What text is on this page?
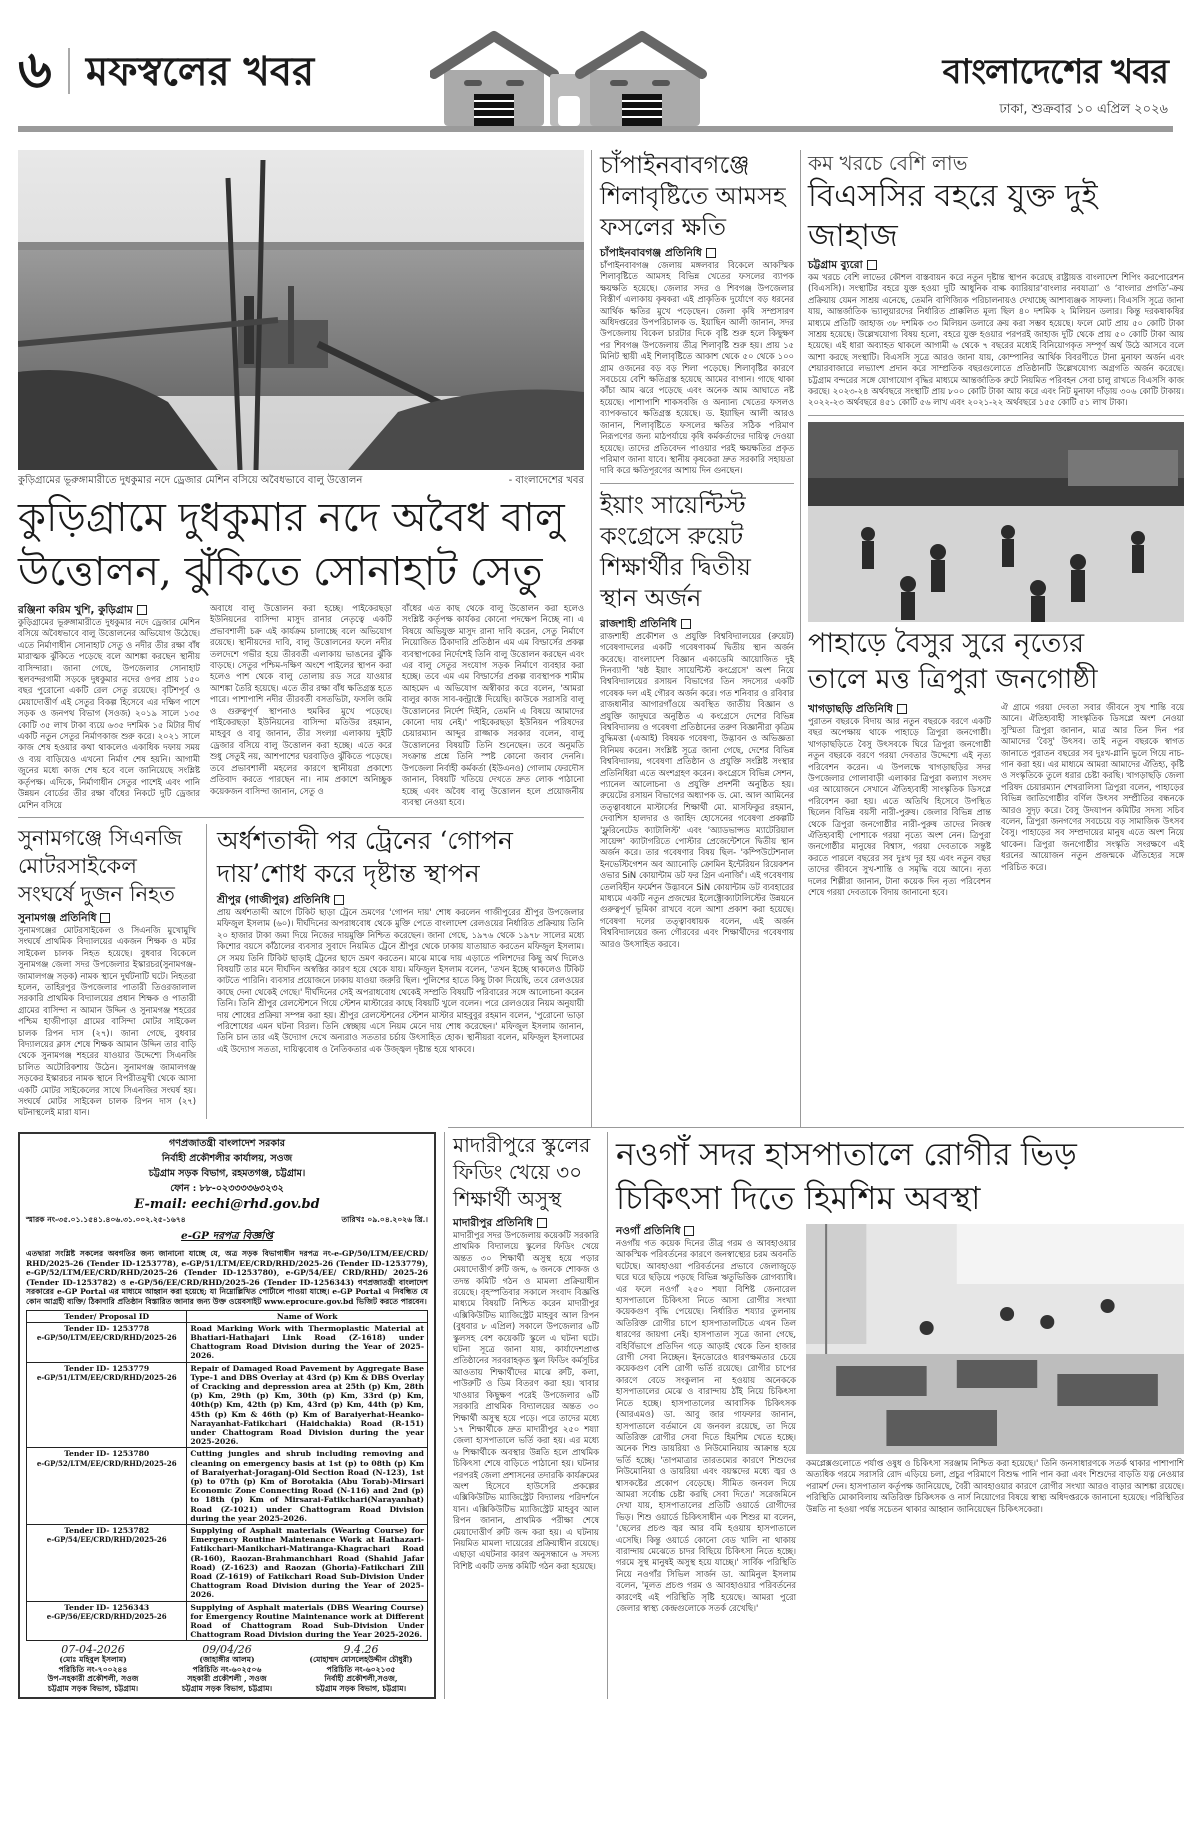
৬ মফস্বলের খবর	বাংলাদেশের খবর
ঢাকা, শুক্রবার ১০ এপ্রিল ২০২৬
কুড়িগ্রামের ভূরুঙ্গামারীতে দুধকুমার নদে ড্রেজার মেশিন বসিয়ে অবৈধভাবে বালু উত্তোলন	- বাংলাদেশের খবর
কুড়িগ্রামে দুধকুমার নদে অবৈধ বালু
উত্তোলন, ঝুঁকিতে সোনাহাট সেতু
রঞ্জিনা করিম খুশি, কুড়িগ্রাম
কুড়িগ্রামের ভূরুঙ্গামারীতে দুধকুমার নদে ড্রেজার মেশিন বসিয়ে অবৈধভাবে বালু উত্তোলনের অভিযোগ উঠেছে। এতে নির্মাণাধীন সোনাহাট সেতু ও নদীর তীর রক্ষা বাঁধ মারাত্মক ঝুঁকিতে পড়েছে বলে আশঙ্কা করছেন স্থানীয় বাসিন্দারা। জানা গেছে, উপজেলার সোনাহাট স্থলবন্দরগামী সড়কে দুধকুমার নদের ওপর প্রায় ১৫০ বছর পুরোনো একটি রেল সেতু রয়েছে। বৃটিশপূর্ব ও মেয়াদোত্তীর্ণ এই সেতুর বিকল্প হিসেবে এর দক্ষিণ পাশে সড়ক ও জনপথ বিভাগ (সওজ) ২০১৯ সালে ১৩৫ কোটি ৩৫ লাখ টাকা ব্যয়ে ৬৩৫ দশমিক ১৫ মিটার দীর্ঘ একটি নতুন সেতুর নির্মাণকাজ শুরু করে। ২০২১ সালে কাজ শেষ হওয়ার কথা থাকলেও একাধিক দফায় সময় ও ব্যয় বাড়িয়েও এখনো নির্মাণ শেষ হয়নি। আগামী জুনের মধ্যে কাজ শেষ হবে বলে জানিয়েছে সংশ্লিষ্ট কর্তৃপক্ষ। এদিকে, নির্মাণাধীন সেতুর পাশেই এবং পানি উন্নয়ন বোর্ডের তীর রক্ষা বাঁধের নিকটে দুটি ড্রেজার মেশিন বসিয়ে
অবাধে বালু উত্তোলন করা হচ্ছে। পাইকেরছড়া ইউনিয়নের বাসিন্দা মাসুদ রানার নেতৃত্বে একটি প্রভাবশালী চক্র এই কার্যক্রম চালাচ্ছে বলে অভিযোগ রয়েছে। স্থানীয়দের দাবি, বালু উত্তোলনের ফলে নদীর তলদেশে গভীর হয়ে তীরবর্তী এলাকায় ভাঙনের ঝুঁকি বাড়ছে। সেতুর পশ্চিম-দক্ষিণ অংশে পাইলের স্থাপন করা হলেও পাশ থেকে বালু তোলায় রড সরে যাওয়ার আশঙ্কা তৈরি হয়েছে। এতে তীর রক্ষা বাঁধ ক্ষতিগ্রস্ত হতে পারে। পাশাপাশি নদীর তীরবর্তী বসতভিটা, ফসলি জমি ও গুরুত্বপূর্ণ স্থাপনাও হুমকির মুখে পড়েছে। পাইকেরছড়া ইউনিয়নের বাসিন্দা মতিউর রহমান, মাহবুব ও বাবু জানান, তীর সংলগ্ন এলাকায় দুইটি ড্রেজার বসিয়ে বালু উত্তোলন করা হচ্ছে। এতে করে শুধু সেতুই নয়, আশপাশের ঘরবাড়িও ঝুঁকিতে পড়েছে। তবে প্রভাবশালী মহলের কারণে স্থানীয়রা প্রকাশ্যে প্রতিবাদ করতে পারছেন না। নাম প্রকাশে অনিচ্ছুক কয়েকজন বাসিন্দা জানান, সেতু ও
বাঁধের এত কাছ থেকে বালু উত্তোলন করা হলেও সংশ্লিষ্ট কর্তৃপক্ষ কার্যকর কোনো পদক্ষেপ নিচ্ছে না। এ বিষয়ে অভিযুক্ত মাসুদ রানা দাবি করেন, সেতু নির্মাণে নিয়োজিত ঠিকাদারি প্রতিষ্ঠান এম এম বিল্ডার্সের প্রকল্প ব্যবস্থাপকের নির্দেশেই তিনি বালু উত্তোলন করছেন এবং এর বালু সেতুর সংযোগ সড়ক নির্মাণে ব্যবহার করা হচ্ছে। তবে এম এম বিল্ডার্সের প্রকল্প ব্যবস্থাপক শামীম আহমেদ এ অভিযোগ অস্বীকার করে বলেন, 'আমরা বালুর কাজ সাব-কন্ট্রাক্টে দিয়েছি। কাউকে সরাসরি বালু উত্তোলনের নির্দেশ দিইনি, তেমনি এ বিষয়ে আমাদের কোনো দায় নেই।' পাইকেরছড়া ইউনিয়ন পরিষদের চেয়ারম্যান আব্দুর রাজ্জাক সরকার বলেন, বালু উত্তোলনের বিষয়টি তিনি শুনেছেন। তবে অনুমতি সংক্রান্ত প্রশ্নে তিনি স্পষ্ট কোনো জবাব দেননি। উপজেলা নির্বাহী কর্মকর্তা (ইউএনও) গোলাম ফেরদৌস জানান, বিষয়টি খতিয়ে দেখতে দ্রুত লোক পাঠানো হচ্ছে এবং অবৈধ বালু উত্তোলন হলে প্রয়োজনীয় ব্যবস্থা নেওয়া হবে।
সুনামগঞ্জে সিএনজি মোটরসাইকেল সংঘর্ষে দুজন নিহত
সুনামগঞ্জ প্রতিনিধি
সুনামগঞ্জের মোটরসাইকেল ও সিএনজি মুখোমুখি সংঘর্ষে প্রাথমিক বিদ্যালয়ের একজন শিক্ষক ও মটর সাইকেল চালক নিহত হয়েছে। বুধবার বিকেলে সুনামগঞ্জ জেলা সদর উপজেলার ইস্কারচর(সুনামগঞ্জ- জামালগঞ্জ সড়ক) নামক স্থানে দুর্ঘটনাটি ঘটে। নিহতরা হলেন, তাহিরপুর উপজেলার পাতারী তিওরজালাল সরকারি প্রাথমিক বিদ্যালয়ের প্রধান শিক্ষক ও পাতারী গ্রামের বাসিন্দা ন আমান উদ্দিন ও সুনামগঞ্জ শহরের পশ্চিম হাজীপাড়া গ্রামের বাসিন্দা মোটর সাইকেল চালক রিপন দাস (২৭)। জানা গেছে, বুধবার বিদ্যালয়ের ক্লাস শেষে শিক্ষক আমান উদ্দিন তার বাড়ি থেকে সুনামগঞ্জ শহরের যাওয়ার উদ্দেশ্যে সিএনজি চালিত অটোরিকশায় উঠেন। সুনামগঞ্জ জামালগঞ্জ সড়কের ইস্কারচর নামক স্থানে বিপরীতমুখী থেকে আসা একটি মোটর সাইকেলের সাথে সিএনজির সংঘর্ষ হয়। সংঘর্ষে মোটর সাইকেল চালক রিপন দাস (২৭) ঘটনাস্থলেই মারা যান।
অর্ধশতাব্দী পর ট্রেনের ‘গোপন
দায়’শোধ করে দৃষ্টান্ত স্থাপন
শ্রীপুর (গাজীপুর) প্রতিনিধি
প্রায় অর্ধশতাব্দী আগে টিকিট ছাড়া ট্রেনে ভ্রমণের 'গোপন দায়' শোধ করলেন গাজীপুরের শ্রীপুর উপজেলার মফিজুল ইসলাম (৬০)। দীর্ঘদিনের অপরাধবোধ থেকে মুক্তি পেতে বাংলাদেশ রেলওয়ের নির্ধারিত প্রক্রিয়ায় তিনি ২০ হাজার টাকা জমা দিয়ে নিজের দায়মুক্তি নিশ্চিত করেছেন। জানা গেছে, ১৯৭৬ থেকে ১৯৭৮ সালের মধ্যে কিশোর বয়সে কাঁঠালের ব্যবসার সুবাদে নিয়মিত ট্রেনে শ্রীপুর থেকে ঢাকায় যাতায়াত করতেন মফিজুল ইসলাম। সে সময় তিনি টিকিট ছাড়াই ট্রেনের ছাদে ভ্রমণ করতেন। মাঝে মাঝে দায় এড়াতে পলিশদের কিছু অর্থ দিলেও বিষয়টি তার মনে দীর্ঘদিন অস্বস্তির কারণ হয়ে থেকে যায়। মফিজুল ইসলাম বলেন, 'তখন ইচ্ছে থাকলেও টিকিট কাটতে পারিনি। ব্যবসার প্রয়োজনে ঢাকায় যাওয়া জরুরি ছিল। পুলিশের হাতে কিছু টাকা দিয়েছি, তবে রেলওয়ের কাছে দেনা থেকেই গেছে।' দীর্ঘদিনের সেই অপরাধবোধ থেকেই সম্প্রতি বিষয়টি পরিবারের সঙ্গে আলোচনা করেন তিনি। তিনি শ্রীপুর রেলস্টেশনে গিয়ে স্টেশন মাস্টারের কাছে বিষয়টি খুলে বলেন। পরে রেলওয়ের নিয়ম অনুযায়ী দায় শোধের প্রক্রিয়া সম্পন্ন করা হয়। শ্রীপুর রেলস্টেশনের স্টেশন মাস্টার মাহবুবুর রহমান বলেন, 'পুরোনো ভাড়া পরিশোধের এমন ঘটনা বিরল। তিনি স্বেচ্ছায় এসে নিয়ম মেনে দায় শোধ করেছেন।' মফিজুল ইসলাম জানান, তিনি চান তার এই উদ্যোগ দেখে অন্যরাও সততার চর্চায় উৎসাহিত হোক। স্থানীয়রা বলেন, মফিজুল ইসলামের এই উদ্যোগ সততা, দায়িত্ববোধ ও নৈতিকতার এক উজ্জ্বল দৃষ্টান্ত হয়ে থাকবে।
চাঁপাইনবাবগঞ্জে শিলাবৃষ্টিতে আমসহ ফসলের ক্ষতি
চাঁপাইনবাবগঞ্জ প্রতিনিধি
চাঁপাইনবাবগঞ্জ জেলায় মঙ্গলবার বিকেলে আকস্মিক শিলাবৃষ্টিতে আমসহ বিভিন্ন খেতের ফসলের ব্যাপক ক্ষয়ক্ষতি হয়েছে। জেলার সদর ও শিবগঞ্জ উপজেলার বিস্তীর্ণ এলাকায় কৃষকরা এই প্রাকৃতিক দুর্যোগে বড় ধরনের আর্থিক ক্ষতির মুখে পড়েছেন। জেলা কৃষি সম্প্রসারণ অধিদপ্তরের উপপরিচালক ড. ইয়াছিন আলী জানান, সদর উপজেলায় বিকেল চারটার দিকে বৃষ্টি শুরু হলে কিছুক্ষণ পর শিবগঞ্জ উপজেলায় তীব্র শিলাবৃষ্টি শুরু হয়। প্রায় ১৫ মিনিট স্থায়ী এই শিলাবৃষ্টিতে আকাশ থেকে ৫০ থেকে ১০০ গ্রাম ওজনের বড় বড় শিলা পড়েছে। শিলাবৃষ্টির কারণে সবচেয়ে বেশি ক্ষতিগ্রস্ত হয়েছে আমের বাগান। গাছে থাকা কাঁচা আম ঝরে পড়েছে এবং অনেক আম আঘাতে নষ্ট হয়েছে। পাশাপাশি শাকসবজি ও অন্যান্য খেতের ফসলও ব্যাপকভাবে ক্ষতিগ্রস্ত হয়েছে। ড. ইয়াছিন আলী আরও জানান, শিলাবৃষ্টিতে ফসলের ক্ষতির সঠিক পরিমাণ নিরূপণের জন্য মাঠপর্যায়ে কৃষি কর্মকর্তাদের দায়িত্ব দেওয়া হয়েছে। তাদের প্রতিবেদন পাওয়ার পরই ক্ষয়ক্ষতির প্রকৃত পরিমাণ জানা যাবে। স্থানীয় কৃষকেরা দ্রুত সরকারি সহায়তা দাবি করে ক্ষতিপূরণের আশায় দিন গুনছেন।
ইয়াং সায়েন্টিস্ট কংগ্রেসে রুয়েট শিক্ষার্থীর দ্বিতীয় স্থান অর্জন
রাজশাহী প্রতিনিধি
রাজশাহী প্রকৌশল ও প্রযুক্তি বিশ্ববিদ্যালয়ের (রুয়েট) গবেষণাদলের একটি গবেষণাকর্ম দ্বিতীয় স্থান অর্জন করেছে। বাংলাদেশ বিজ্ঞান একাডেমি আয়োজিত দুই দিনব্যাপী 'ষষ্ঠ ইয়াং সায়েন্টিস্ট কংগ্রেসে' অংশ নিয়ে বিশ্ববিদ্যালয়ের রসায়ন বিভাগের তিন সদস্যের একটি গবেষক দল এই গৌরব অর্জন করে। গত শনিবার ও রবিবার রাজধানীর আগারগাঁওয়ে অবস্থিত জাতীয় বিজ্ঞান ও প্রযুক্তি জাদুঘরে অনুষ্ঠিত এ কংগ্রেসে দেশের বিভিন্ন বিশ্ববিদ্যালয় ও গবেষণা প্রতিষ্ঠানের তরুণ বিজ্ঞানীরা কৃত্রিম বুদ্ধিমত্তা (এআই) বিষয়ক গবেষণা, উদ্ভাবন ও অভিজ্ঞতা বিনিময় করেন। সংশ্লিষ্ট সূত্রে জানা গেছে, দেশের বিভিন্ন বিশ্ববিদ্যালয়, গবেষণা প্রতিষ্ঠান ও প্রযুক্তি সংশ্লিষ্ট সংস্থার প্রতিনিধিরা এতে অংশগ্রহণ করেন। কংগ্রেসে বিভিন্ন সেশন, প্যানেল আলোচনা ও প্রযুক্তি প্রদর্শনী অনুষ্ঠিত হয়। রুয়েটের রসায়ন বিভাগের অধ্যাপক ড. মো. আল আমিনের তত্ত্বাবধানে মাস্টার্সের শিক্ষার্থী মো. মাসফিকুর রহমান, দেবাশিস হালদার ও জাহিদ হোসেনের গবেষণা প্রকল্পটি 'ফ্লুরিনেটেড ক্যাটালিস্ট' এবং 'অ্যাডভান্সড ম্যাটেরিয়াল সায়েন্স' ক্যাটাগরিতে পোস্টার প্রেজেন্টেশনে দ্বিতীয় স্থান অর্জন করে। তার গবেষণার বিষয় ছিল- 'কম্পিউটেশনাল ইনভেস্টিগেশন অব অ্যানোড়ি ক্রোমিন ইন্টেরিয়ন রিয়েকশন ওভার SiN কোয়ান্টাম ডট ফর গ্রিন এনার্জি'। এই গবেষণায় তেলবিহীন ফর্মেশন উদ্ভাবনে SiN কোয়ান্টাম ডট ব্যবহারের মাধ্যমে একটি নতুন প্রজন্মের ইলেক্ট্রোক্যাটালিস্টের উন্নয়নে গুরুত্বপূর্ণ ভূমিকা রাখবে বলে আশা প্রকাশ করা হয়েছে। গবেষণা দলের তত্ত্বাবধায়ক বলেন, এই অর্জন বিশ্ববিদ্যালয়ের জন্য গৌরবের এবং শিক্ষার্থীদের গবেষণায় আরও উৎসাহিত করবে।
কম খরচে বেশি লাভ
বিএসসির বহরে যুক্ত দুই জাহাজ
চট্টগ্রাম ব্যুরো
কম খরচে বেশি লাভের কৌশল বাস্তবায়ন করে নতুন দৃষ্টান্ত স্থাপন করেছে রাষ্ট্রায়ত্ত বাংলাদেশ শিপিং করপোরেশন (বিএসসি)। সংস্থাটির বহরে যুক্ত হওয়া দুটি আধুনিক বাল্ক ক্যারিয়ার‘বাংলার নবযাত্রা’ ও ‘বাংলার প্রগতি’-ক্রয় প্রক্রিয়ায় যেমন সাশ্রয় এনেছে, তেমনি বাণিজ্যিক পরিচালনায়ও দেখাচ্ছে আশাব্যঞ্জক সাফল্য। বিএসসি সূত্রে জানা যায়, আন্তর্জাতিক ভ্যালুয়ারদের নির্ধারিত প্রাক্কলিত মূল্য ছিল ৪০ দশমিক ২ মিলিয়ন ডলার। কিন্তু দরকষাকষির মাধ্যমে প্রতিটি জাহাজ ৩৮ দশমিক ৩৩ মিলিয়ন ডলারে ক্রয় করা সম্ভব হয়েছে। ফলে মোট প্রায় ৫০ কোটি টাকা সাশ্রয় হয়েছে। উল্লেখযোগ্য বিষয় হলো, বহরে যুক্ত হওয়ার পরপরই জাহাজ দুটি থেকে প্রায় ৫০ কোটি টাকা আয় হয়েছে। এই ধারা অব্যাহত থাকলে আগামী ৬ থেকে ৭ বছরের মধ্যেই বিনিয়োগকৃত সম্পূর্ণ অর্থ উঠে আসবে বলে আশা করছে সংস্থাটি। বিএসসি সূত্রে আরও জানা যায়, কোম্পানির আর্থিক বিবরণীতে টানা মুনাফা অর্জন এবং শেয়ারবাজারে লভ্যাংশ প্রদান করে সাম্প্রতিক বছরগুলোতে প্রতিষ্ঠানটি উল্লেখযোগ্য অগ্রগতি অর্জন করেছে। চট্টগ্রাম বন্দরের সঙ্গে যোগাযোগ বৃদ্ধির মাধ্যমে আন্তর্জাতিক রুটে নিয়মিত পরিবহন সেবা চালু রাখতে বিএসসি কাজ করছে। ২০২৩-২৪ অর্থবছরে সংস্থাটি প্রায় ৮০০ কোটি টাকা আয় করে এবং নিট মুনাফা দাঁড়ায় ৩০৬ কোটি টাকায়। ২০২২-২৩ অর্থবছরে ৪৫১ কোটি ৫৬ লাখ এবং ২০২১-২২ অর্থবছরে ১৫৫ কোটি ৫১ লাখ টাকা।
পাহাড়ে বৈসুর সুরে নৃত্যের
তালে মত্ত ত্রিপুরা জনগোষ্ঠী
খাগড়াছড়ি প্রতিনিধি
পুরাতন বছরকে বিদায় আর নতুন বছরকে বরণে একটি বছর অপেক্ষায় থাকে পাহাড়ে ত্রিপুরা জনগোষ্ঠী। খাগড়াছড়িতে বৈসু উৎসবকে ঘিরে ত্রিপুরা জনগোষ্ঠী নতুন বছরকে বরণে গরয়া দেবতার উদ্দেশ্যে এই নৃত্য পরিবেশন করেন। এ উপলক্ষে খাগড়াছড়ির সদর উপজেলার গোলাবাড়ী এলাকার ত্রিপুরা কল্যাণ সংসদ এর আয়োজনে সেখানে ঐতিহ্যবাহী সাংস্কৃতিক ডিসপ্লে পরিবেশন করা হয়। এতে অতিথি হিসেবে উপস্থিত ছিলেন বিভিন্ন বয়সী নারী-পুরুষ। জেলার বিভিন্ন প্রান্ত থেকে ত্রিপুরা জনগোষ্ঠীর নারী-পুরুষ তাদের নিজস্ব ঐতিহ্যবাহী পোশাকে গরয়া নৃত্যে অংশ নেন। ত্রিপুরা জনগোষ্ঠীর মানুষের বিশ্বাস, গরয়া দেবতাকে সন্তুষ্ট করতে পারলে বছরের সব দুঃখ দূর হয় এবং নতুন বছর তাদের জীবনে সুখ-শান্তি ও সমৃদ্ধি বয়ে আনে। নৃত্য দলের শিল্পীরা জানান, টানা কয়েক দিন নৃত্য পরিবেশন শেষে গরয়া দেবতাকে বিদায় জানানো হবে।
ঐ গ্রামে গরয়া দেবতা সবার জীবনে সুখ শান্তি বয়ে আনে। ঐতিহ্যবাহী সাংস্কৃতিক ডিসপ্লে অংশ নেওয়া সুস্মিতা ত্রিপুরা জানান, মাত্র আর তিন দিন পর আমাদের 'বৈসু' উৎসব। তাই নতুন বছরকে স্বাগত জানাতে পুরাতন বছরের সব দুঃখ-গ্লানি ভুলে গিয়ে নাচ-গান করা হয়। এর মাধ্যমে আমরা আমাদের ঐতিহ্য, কৃষ্টি ও সংস্কৃতিকে তুলে ধরার চেষ্টা করছি। খাগড়াছড়ি জেলা পরিষদ চেয়ারম্যান শেখরালিসা ত্রিপুরা বলেন, পাহাড়ের বিভিন্ন জাতিগোষ্ঠীর বর্ণিল উৎসব সম্প্রীতির বন্ধনকে আরও সুদৃঢ় করে। বৈসু উদযাপন কমিটির সদস্য সচিব বলেন, ত্রিপুরা জনগণের সবচেয়ে বড় সামাজিক উৎসব বৈসু। পাহাড়ের সব সম্প্রদায়ের মানুষ এতে অংশ নিয়ে থাকেন। ত্রিপুরা জনগোষ্ঠীর সংস্কৃতি সংরক্ষণে এই ধরনের আয়োজন নতুন প্রজন্মকে ঐতিহ্যের সঙ্গে পরিচিত করে।
গণপ্রজাতন্ত্রী বাংলাদেশ সরকার
নির্বাহী প্রকৌশলীর কার্যালয়, সওজ
চট্টগ্রাম সড়ক বিভাগ, রহমতগঞ্জ, চট্টগ্রাম।
ফোন : ৮৮-০২৩৩৩৩৬৩২৩২
E-mail: eechi@rhd.gov.bd
স্মারক নং-৩৫.০১.১৫৪১.৪০৬.৩১.০০২.২৫-১৬৭৪	তারিখঃ ০৯.০৪.২০২৬ খ্রি.।
e-GP দরপত্র বিজ্ঞপ্তি
এতদ্বারা সংশ্লিষ্ট সকলের অবগতির জন্য জানানো যাচ্ছে যে, অত্র সড়ক বিভাগাধীন দরপত্র নং-e-GP/50/LTM/EE/CRD/ RHD/2025-26 (Tender ID-1253778), e-GP/51/LTM/EE/CRD/RHD/2025-26 (Tender ID-1253779), e-GP/52/LTM/EE/CRD/RHD/2025-26 (Tender ID-1253780), e-GP/54/EE/ CRD/RHD/ 2025-26 (Tender ID-1253782) ও e-GP/56/EE/CRD/RHD/2025-26 (Tender ID-1256343) গণপ্রজাতন্ত্রী বাংলাদেশ সরকারের e-GP Portal এর মাধ্যমে আহ্বান করা হয়েছে; যা নিম্নোল্লিখিত পোর্টালে পাওয়া যাচ্ছে। e-GP Portal এ নিবন্ধিত যে কোন আগ্রহী ব্যক্তি/ ঠিকাদারি প্রতিষ্ঠান বিস্তারিত জানার জন্য উক্ত ওয়েবসাইট www.eprocure.gov.bd ভিজিট করতে পারবেন।
Tender/ Proposal ID	Name of Work

Tender ID- 1253778
e-GP/50/LTM/EE/CRD/RHD/2025-26	Road Marking Work with Thermoplastic Material at Bhatiari-Hathajari Link Road (Z-1618) under Chattogram Road Division during the Year of 2025-2026.

Tender ID- 1253779
e-GP/51/LTM/EE/CRD/RHD/2025-26	Repair of Damaged Road Pavement by Aggregate Base Type-1 and DBS Overlay at 43rd (p) Km & DBS Overlay of Cracking and depression area at 25th (p) Km, 28th (p) Km, 29th (p) Km, 30th (p) Km, 33rd (p) Km, 40th(p) Km, 42th (p) Km, 43rd (p) Km, 44th (p) Km, 45th (p) Km & 46th (p) Km of Baraiyerhat-Heanko-Narayanhat-Fatikchari (Haidchakia) Road (R-151) under Chattogram Road Division during the year 2025-2026.

Tender ID- 1253780
e-GP/52/LTM/EE/CRD/RHD/2025-26	Cutting jungles and shrub including removing and cleaning on emergency basis at 1st (p) to 08th (p) Km of Baraiyerhat-Joraganj-Old Section Road (N-123), 1st (p) to 07th (p) Km of Borotakia (Abu Torab)-Mirsari Economic Zone Connecting Road (N-116) and 2nd (p) to 18th (p) Km of Mirsarai-Fatikchari(Narayanhat) Road (Z-1021) under Chattogram Road Division during the year 2025-2026.

Tender ID- 1253782
e-GP/54/EE/CRD/RHD/2025-26	Supplying of Asphalt materials (Wearing Course) for Emergency Routine Maintenance Work at Hathazari-Fatikchari-Manikchari-Matiranga-Khagrachari Road (R-160), Raozan-Brahmanchhari Road (Shahid Jafar Road) (Z-1623) and Raozan (Ghoria)-Fatikchari Zill Road (Z-1619) of Fatikchari Road Sub-Division Under Chattogram Road Division during the Year of 2025-2026.

Tender ID- 1256343
e-GP/56/EE/CRD/RHD/2025-26	Supplying of Asphalt materials (DBS Wearing Course) for Emergency Routine Maintenance work at Different Road of Chattogram Road Sub-Division Under Chattogram Road Division during the Year 2025-2026.
07-04-2026
(মোঃ মহিবুল ইসলাম)
পরিচিতি নং-৭০০২৪৪
উপ-সহকারী প্রকৌশলী, সওজ
চট্টগ্রাম সড়ক বিভাগ, চট্টগ্রাম।
09/04/26
(জাহাঙ্গীর আলম)
পরিচিতি নং-৬০২৫০৬
সহকারী প্রকৌশলী , সওজ
চট্টগ্রাম সড়ক বিভাগ, চট্টগ্রাম।
9.4.26
(মোহাম্মদ মোসলেহউদ্দীন চৌধুরী)
পরিচিতি নং-৬০২১৩৫
নির্বাহী প্রকৌশলী,সওজ,
চট্টগ্রাম সড়ক বিভাগ, চট্টগ্রাম।
মাদারীপুরে স্কুলের ফিডিং খেয়ে ৩০ শিক্ষার্থী অসুস্থ
মাদারীপুর প্রতিনিধি
মাদারীপুর সদর উপজেলায় কয়েকটি সরকারি প্রাথমিক বিদ্যালয়ে স্কুলের ফিডিং খেয়ে অন্তত ৩০ শিক্ষার্থী অসুস্থ হয়ে পড়ার মেয়াদোত্তীর্ণ রুটি জব্দ, ৬ জনকে শোকজ ও তদন্ত কমিটি গঠন ও মামলা প্রক্রিয়াধীন রয়েছে। বৃহস্পতিবার সকালে সংবাদ বিজ্ঞপ্তি মাধ্যমে বিষয়টি নিশ্চিত করেন মাদারীপুর এক্সিকিউটিভ ম্যাজিস্ট্রেট মাহবুব আল রিপন (বুধবার ৮ এপ্রিল) সকালে উপজেলার ৬টি স্কুলসহ বেশ কয়েকটি স্কুলে এ ঘটনা ঘটে। ঘটনা সূত্রে জানা যায়, কার্যাদেশপ্রাপ্ত প্রতিষ্ঠানের সরবরাহকৃত স্কুল ফিডিং কর্মসূচির আওতায় শিক্ষার্থীদের মাঝে রুটি, কলা, পাউরুটি ও ডিম বিতরণ করা হয়। খাবার খাওয়ার কিছুক্ষণ পরেই উপজেলার ৬টি সরকারি প্রাথমিক বিদ্যালয়ের অন্তত ৩০ শিক্ষার্থী অসুস্থ হয়ে পড়ে। পরে তাদের মধ্যে ১৭ শিক্ষার্থীকে দ্রুত মাদারীপুর ২৫০ শয্যা জেলা হাসপাতালে ভর্তি করা হয়। এর মধ্যে ৬ শিক্ষার্থীকে অবস্থার উন্নতি হলে প্রাথমিক চিকিৎসা শেষে বাড়িতে পাঠানো হয়। ঘটনার পরপরই জেলা প্রশাসনের তদারকি কার্যক্রমের অংশ হিসেবে হাউসেরি প্রকল্পের এক্সিকিউটিভ ম্যাজিস্ট্রেট বিদ্যালয় পরিদর্শনে যান। এক্সিকিউটিভ ম্যাজিস্ট্রেট মাহবুব আল রিপন জানান, প্রাথমিক পরীক্ষা শেষে মেয়াদোত্তীর্ণ রুটি জব্দ করা হয়। এ ঘটনায় নিয়মিত মামলা দায়েরের প্রক্রিয়াধীন রয়েছে। এছাড়া এঘটনার কারণ অনুসন্ধানে ৬ সদস্য বিশিষ্ট একটি তদন্ত কমিটি গঠন করা হয়েছে।
নওগাঁ সদর হাসপাতালে রোগীর ভিড়
চিকিৎসা দিতে হিমশিম অবস্থা
নওগাঁ প্রতিনিধি
নওগাঁয় গত কয়েক দিনের তীব্র গরম ও আবহাওয়ার আকস্মিক পরিবর্তনের কারণে জনস্বাস্থ্যের চরম অবনতি ঘটেছে। আবহাওয়া পরিবর্তনের প্রভাবে জেলাজুড়ে ঘরে ঘরে ছড়িয়ে পড়ছে বিভিন্ন ঋতুভিত্তিক রোগব্যাধি। এর ফলে নওগাঁ ২৫০ শয্যা বিশিষ্ট জেনারেল হাসপাতালে চিকিৎসা নিতে আসা রোগীর সংখ্যা কয়েকগুণ বৃদ্ধি পেয়েছে। নির্ধারিত শয্যার তুলনায় অতিরিক্ত রোগীর চাপে হাসপাতালটিতে এখন তিল ধারণের জায়গা নেই। হাসপাতাল সূত্রে জানা গেছে, বহির্বিভাগে প্রতিদিন গড়ে আড়াই থেকে তিন হাজার রোগী সেবা নিচ্ছেন। ইনডোরেও ধারণক্ষমতার চেয়ে কয়েকগুণ বেশি রোগী ভর্তি রয়েছে। রোগীর চাপের কারণে বেডে সংকুলান না হওয়ায় অনেককে হাসপাতালের মেঝে ও বারান্দায় ঠাঁই নিয়ে চিকিৎসা নিতে হচ্ছে। হাসপাতালের আবাসিক চিকিৎসক (আরএমও) ডা. আবু জার গাফফার জানান, হাসপাতালে বর্তমানে যে জনবল রয়েছে, তা দিয়ে অতিরিক্ত রোগীর সেবা দিতে হিমশিম খেতে হচ্ছে। অনেক শিশু ডায়রিয়া ও নিউমোনিয়ায় আক্রান্ত হয়ে ভর্তি হচ্ছে। 'তাপমাত্রার তারতম্যের কারণে শিশুদের নিউমোনিয়া ও ডায়রিয়া এবং বয়স্কদের মধ্যে জ্বর ও শ্বাসকষ্টের প্রকোপ বেড়েছে। সীমিত জনবল দিয়ে আমরা সর্বোচ্চ চেষ্টা করছি সেবা দিতে।' সরেজমিনে দেখা যায়, হাসপাতালের প্রতিটি ওয়ার্ডে রোগীদের ভিড়। শিশু ওয়ার্ডে চিকিৎসাধীন এক শিশুর মা বলেন, 'ছেলের প্রচণ্ড জ্বর আর বমি হওয়ায় হাসপাতালে এসেছি। কিন্তু ওয়ার্ডে কোনো বেড খালি না থাকায় বারান্দায় মেঝেতে চাদর বিছিয়ে চিকিৎসা নিতে হচ্ছে। গরমে সুস্থ মানুষই অসুস্থ হয়ে যাচ্ছে।' সার্বিক পরিস্থিতি নিয়ে নওগাঁর সিভিল সার্জন ডা. আমিনুল ইসলাম বলেন, 'মূলত প্রচণ্ড গরম ও আবহাওয়ার পরিবর্তনের কারণেই এই পরিস্থিতি সৃষ্টি হয়েছে। আমরা পুরো জেলার স্বাস্থ্য কেন্দ্রগুলোকে সতর্ক রেখেছি।'
কমপ্লেক্সগুলোতে পর্যাপ্ত ওষুধ ও চিকিৎসা সরঞ্জাম নিশ্চিত করা হয়েছে।' তিনি জনসাধারণকে সতর্ক থাকার পাশাপাশি অত্যধিক গরমে সরাসরি রোদ এড়িয়ে চলা, প্রচুর পরিমাণে বিশুদ্ধ পানি পান করা এবং শিশুদের বাড়তি যত্ন নেওয়ার পরামর্শ দেন। হাসপাতাল কর্তৃপক্ষ জানিয়েছে, বৈরী আবহাওয়ার কারণে রোগীর সংখ্যা আরও বাড়ার আশঙ্কা রয়েছে। পরিস্থিতি মোকাবিলায় অতিরিক্ত চিকিৎসক ও নার্স নিয়োগের বিষয়ে স্বাস্থ্য অধিদপ্তরকে জানানো হয়েছে। পরিস্থিতির উন্নতি না হওয়া পর্যন্ত সচেতন থাকার আহ্বান জানিয়েছেন চিকিৎসকেরা।
